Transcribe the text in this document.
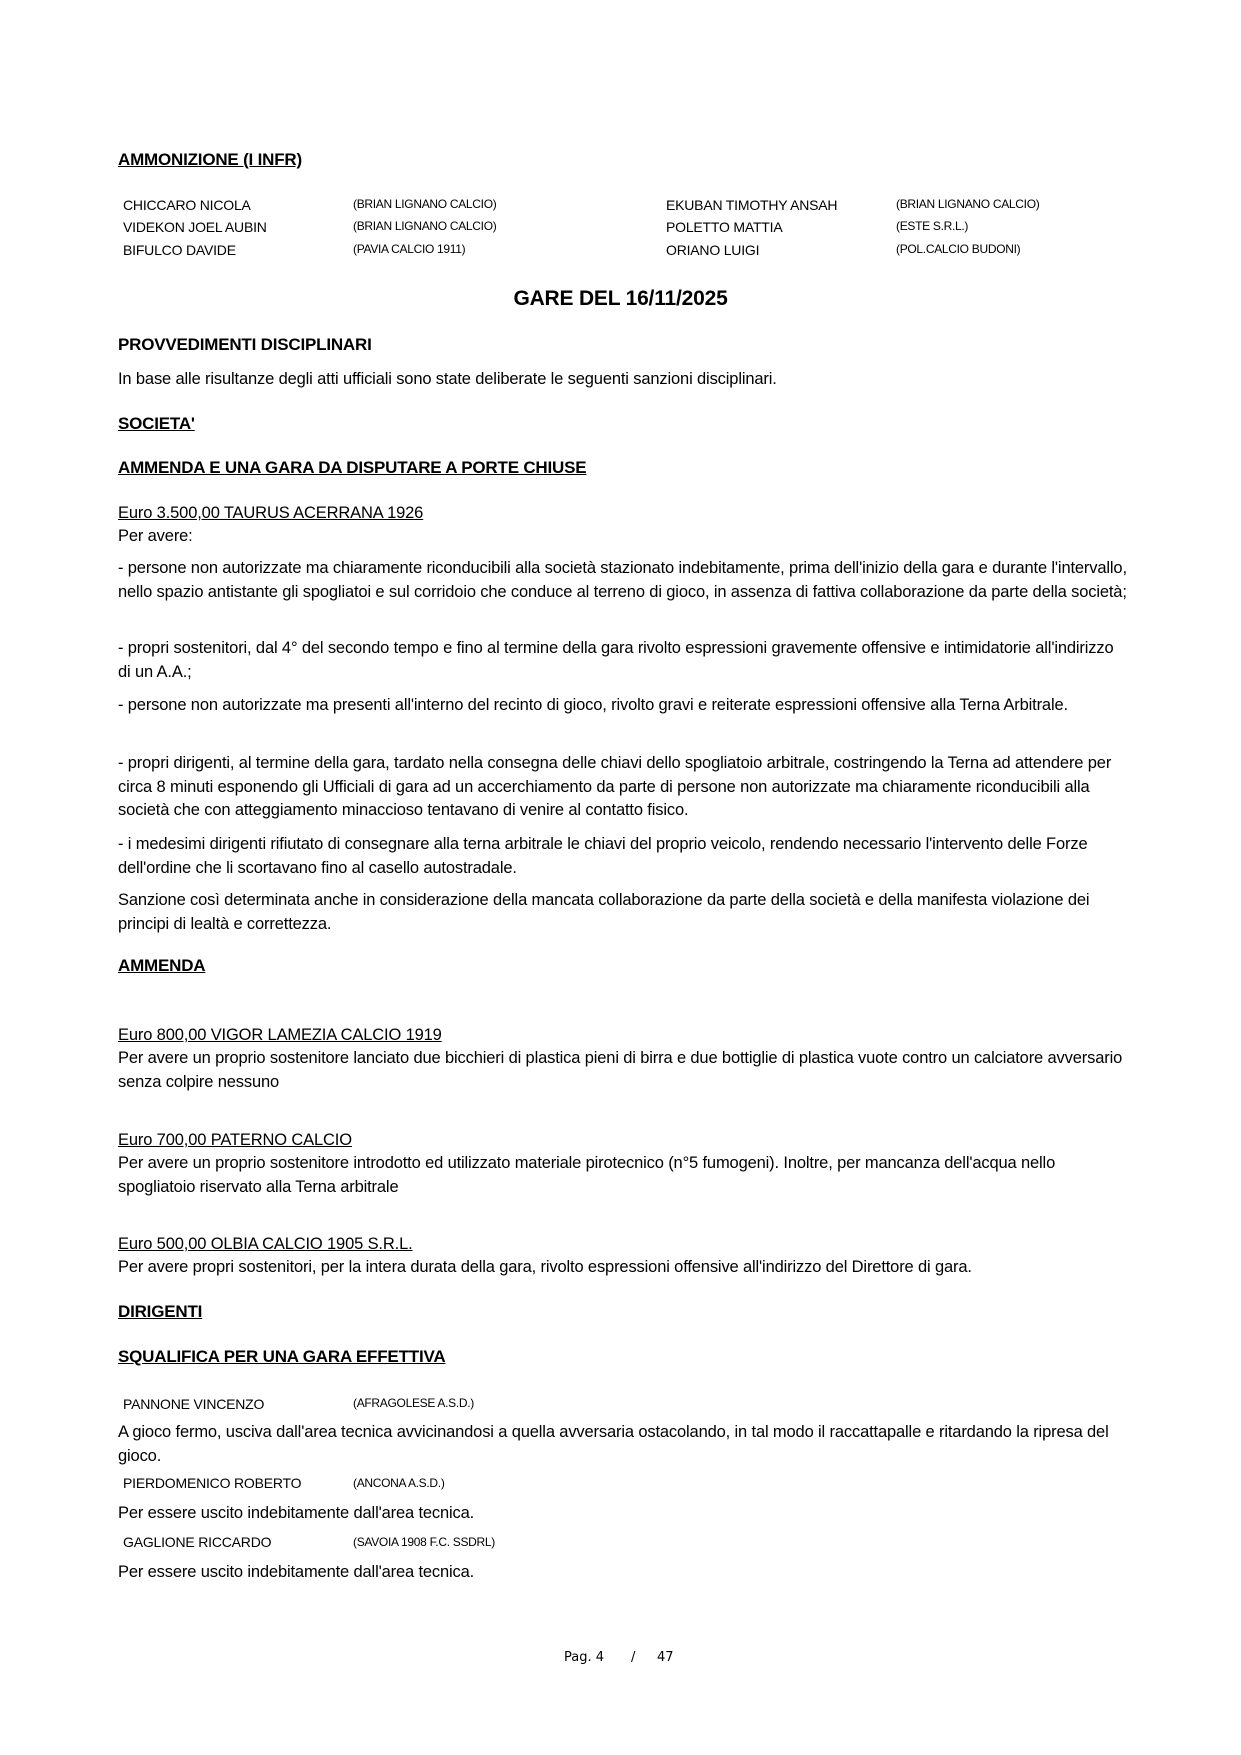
AMMONIZIONE (I INFR)
CHICCARO NICOLA	(BRIAN LIGNANO CALCIO)	EKUBAN TIMOTHY ANSAH	(BRIAN LIGNANO CALCIO)
VIDEKON JOEL AUBIN	(BRIAN LIGNANO CALCIO)	POLETTO MATTIA	(ESTE S.R.L.)
BIFULCO DAVIDE	(PAVIA CALCIO 1911)	ORIANO LUIGI	(POL.CALCIO BUDONI)
GARE DEL 16/11/2025
PROVVEDIMENTI DISCIPLINARI
In base alle risultanze degli atti ufficiali sono state deliberate le seguenti sanzioni disciplinari.
SOCIETA'
AMMENDA E UNA GARA DA DISPUTARE A PORTE CHIUSE
Euro 3.500,00 TAURUS ACERRANA 1926
Per avere:
- persone non autorizzate ma chiaramente riconducibili alla società stazionato indebitamente, prima dell'inizio della gara e durante l'intervallo, nello spazio antistante gli spogliatoi e sul corridoio che conduce al terreno di gioco, in assenza di fattiva collaborazione da parte della società;
- propri sostenitori, dal 4° del secondo tempo e fino al termine della gara rivolto espressioni gravemente offensive e intimidatorie all'indirizzo di un A.A.;
- persone non autorizzate ma presenti all'interno del recinto di gioco, rivolto gravi e reiterate espressioni offensive alla Terna Arbitrale.
- propri dirigenti, al termine della gara, tardato nella consegna delle chiavi dello spogliatoio arbitrale, costringendo la Terna ad attendere per circa 8 minuti esponendo gli Ufficiali di gara ad un accerchiamento da parte di persone non autorizzate ma chiaramente riconducibili alla società che con atteggiamento minaccioso tentavano di venire al contatto fisico.
- i medesimi dirigenti rifiutato di consegnare alla terna arbitrale le chiavi del proprio veicolo, rendendo necessario l'intervento delle Forze dell'ordine che li scortavano fino al casello autostradale.
Sanzione così determinata anche in considerazione della mancata collaborazione da parte della società e della manifesta violazione dei principi di lealtà e correttezza.
AMMENDA
Euro 800,00 VIGOR LAMEZIA CALCIO 1919
Per avere un proprio sostenitore lanciato due bicchieri di plastica pieni di birra e due bottiglie di plastica vuote contro un calciatore avversario senza colpire nessuno
Euro 700,00 PATERNO CALCIO
Per avere un proprio sostenitore introdotto ed utilizzato materiale pirotecnico (n°5 fumogeni). Inoltre, per mancanza dell'acqua nello spogliatoio riservato alla Terna arbitrale
Euro 500,00 OLBIA CALCIO 1905 S.R.L.
Per avere propri sostenitori, per la intera durata della gara, rivolto espressioni offensive all'indirizzo del Direttore di gara.
DIRIGENTI
SQUALIFICA PER UNA GARA EFFETTIVA
PANNONE VINCENZO	(AFRAGOLESE A.S.D.)
A gioco fermo, usciva dall'area tecnica avvicinandosi a quella avversaria ostacolando, in tal modo il raccattapalle e ritardando la ripresa del gioco.
PIERDOMENICO ROBERTO	(ANCONA A.S.D.)
Per essere uscito indebitamente dall'area tecnica.
GAGLIONE RICCARDO	(SAVOIA 1908 F.C. SSDRL)
Per essere uscito indebitamente dall'area tecnica.
Pag. 4 / 47
